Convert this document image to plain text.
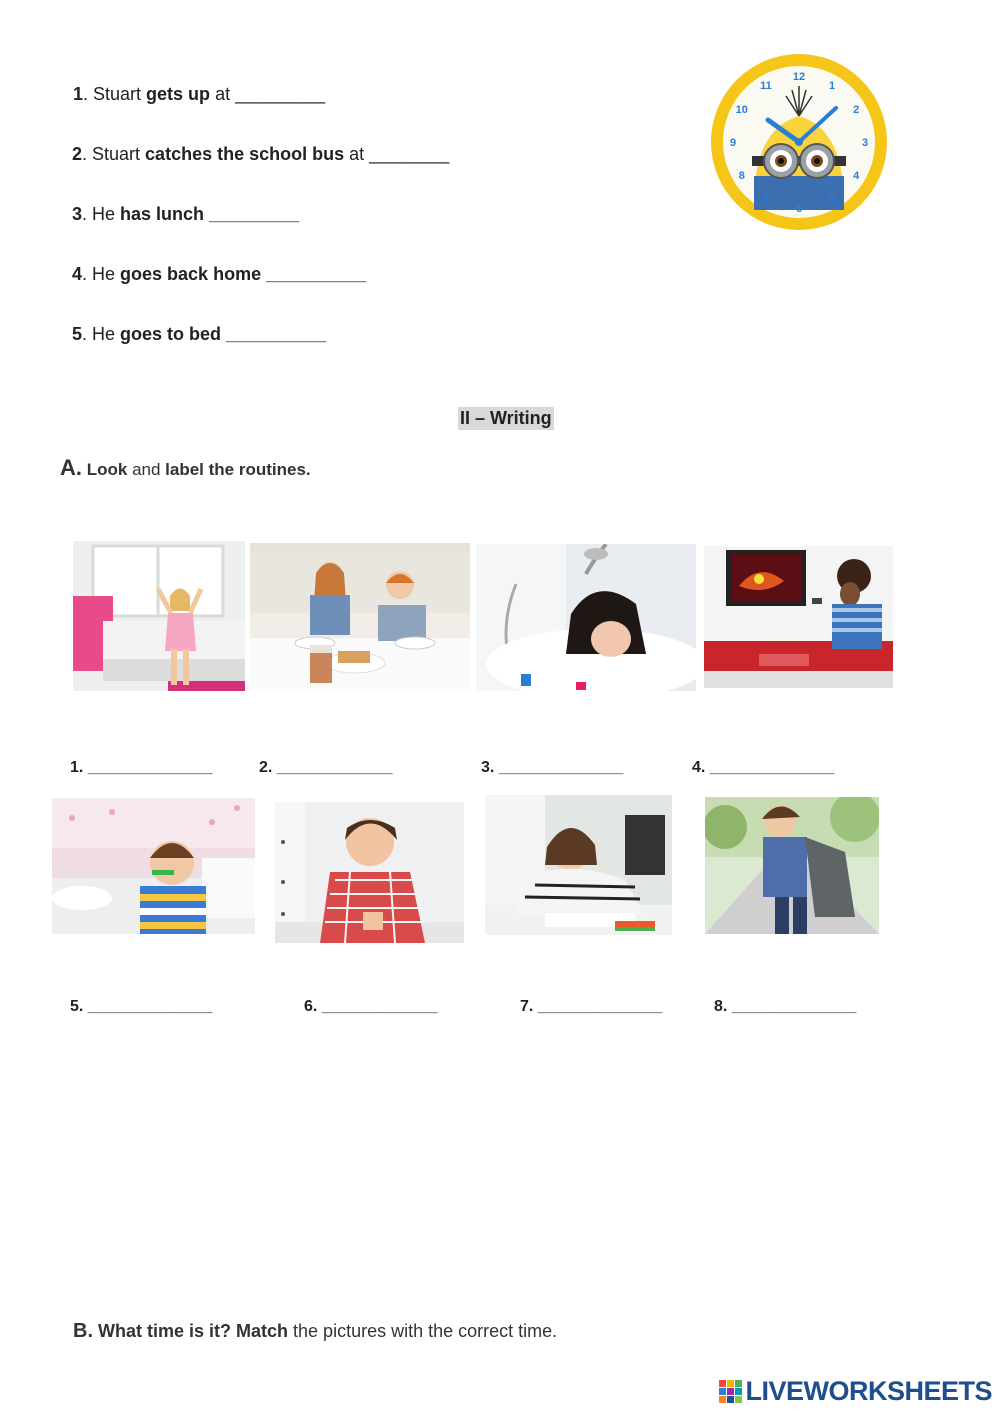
1. Stuart gets up at _________
2. Stuart catches the school bus at ________
3. He has lunch _________
4. He goes back home __________
5. He goes to bed __________
12
1
2
3
4
5
6
7
8
9
10
11
II – Writing
A. Look and label the routines.
1. ______________	2. _____________	3. ______________	4. ______________
5. ______________	6. _____________	7. ______________	8. ______________
B. What time is it? Match the pictures with the correct time.
LIVEWORKSHEETS
